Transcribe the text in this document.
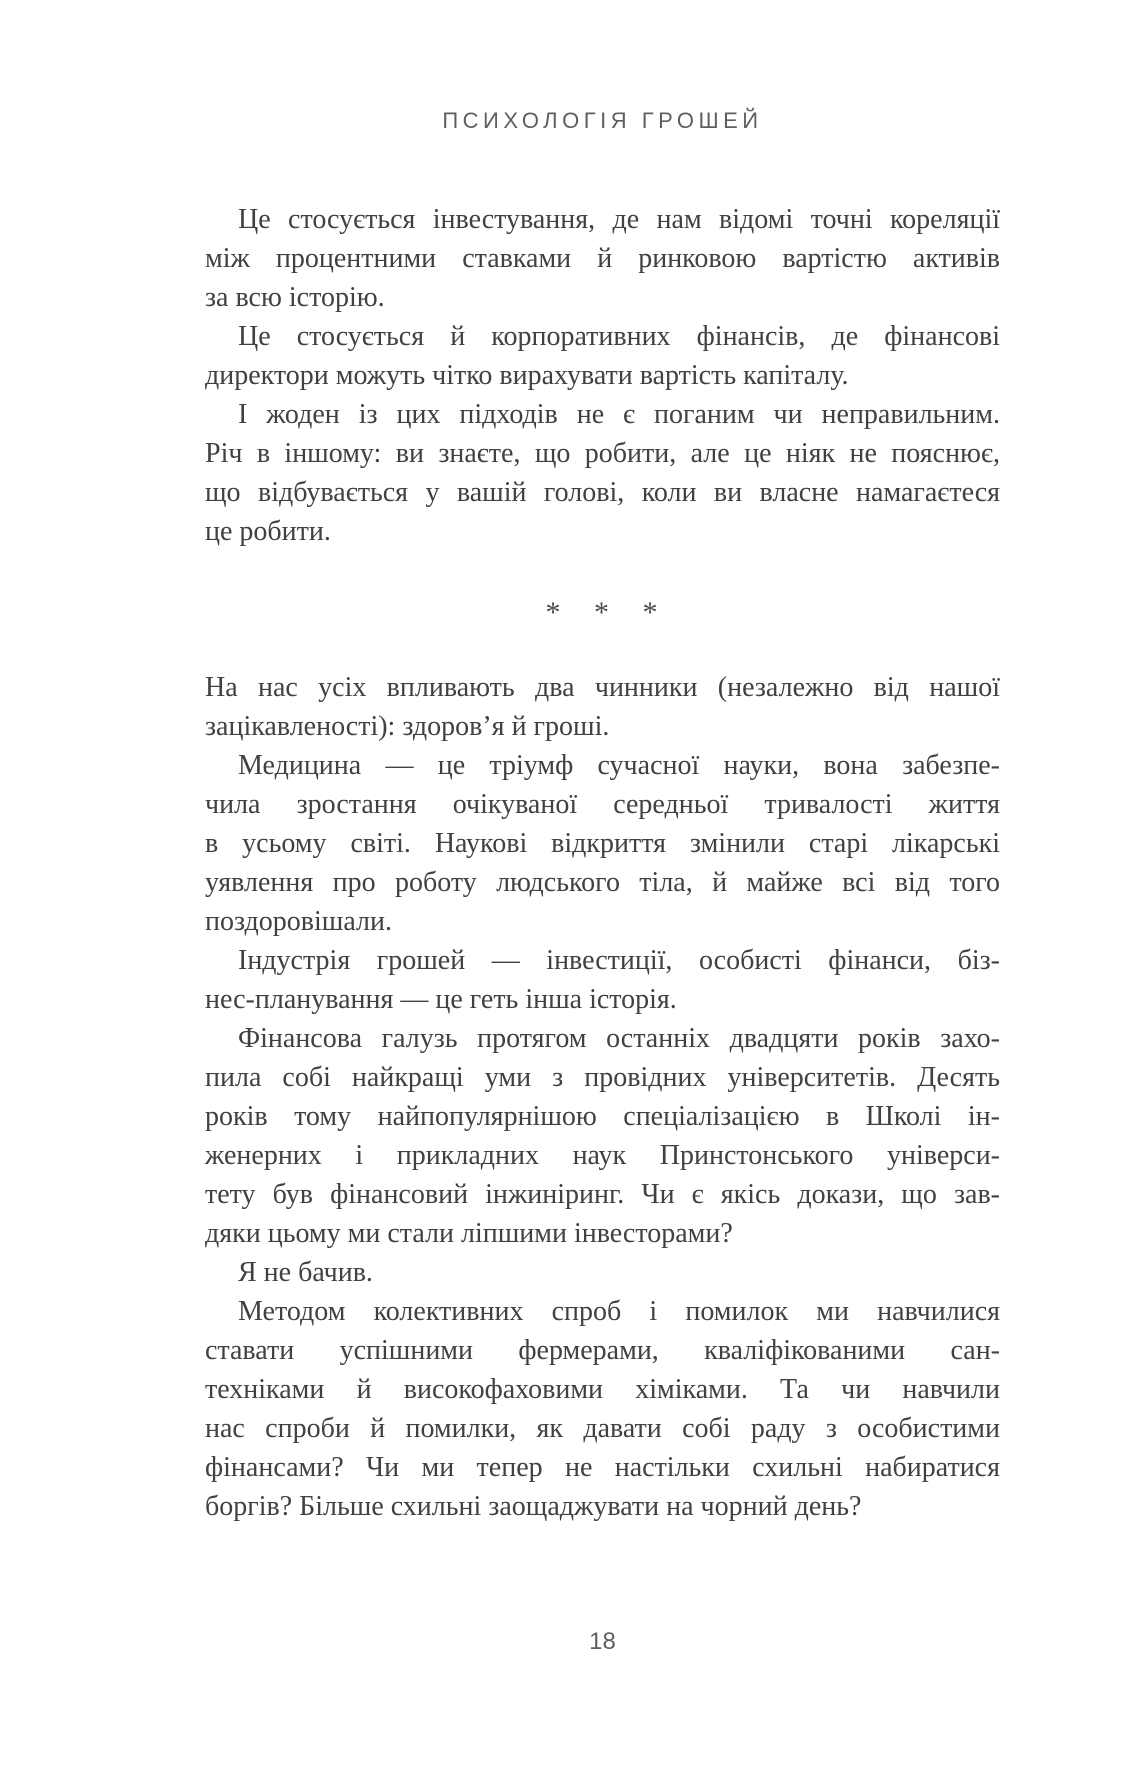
ПСИХОЛОГІЯ ГРОШЕЙ
Це стосується інвестування, де нам відомі точні кореляції
між процентними ставками й ринковою вартістю активів
за всю історію.
Це стосується й корпоративних фінансів, де фінансові
директори можуть чітко вирахувати вартість капіталу.
І жоден із цих підходів не є поганим чи неправильним.
Річ в іншому: ви знаєте, що робити, але це ніяк не пояснює,
що відбувається у вашій голові, коли ви власне намагаєтеся
це робити.
* * *
На нас усіх впливають два чинники (незалежно від нашої
зацікавленості): здоров’я й гроші.
Медицина — це тріумф сучасної науки, вона забезпе-
чила зростання очікуваної середньої тривалості життя
в усьому світі. Наукові відкриття змінили старі лікарські
уявлення про роботу людського тіла, й майже всі від того
поздоровішали.
Індустрія грошей — інвестиції, особисті фінанси, біз-
нес-планування — це геть інша історія.
Фінансова галузь протягом останніх двадцяти років захо-
пила собі найкращі уми з провідних університетів. Десять
років тому найпопулярнішою спеціалізацією в Школі ін-
женерних і прикладних наук Принстонського універси-
тету був фінансовий інжиніринг. Чи є якісь докази, що зав-
дяки цьому ми стали ліпшими інвесторами?
Я не бачив.
Методом колективних спроб і помилок ми навчилися
ставати успішними фермерами, кваліфікованими сан-
техніками й високофаховими хіміками. Та чи навчили
нас спроби й помилки, як давати собі раду з особистими
фінансами? Чи ми тепер не настільки схильні набиратися
боргів? Більше схильні заощаджувати на чорний день?
18
